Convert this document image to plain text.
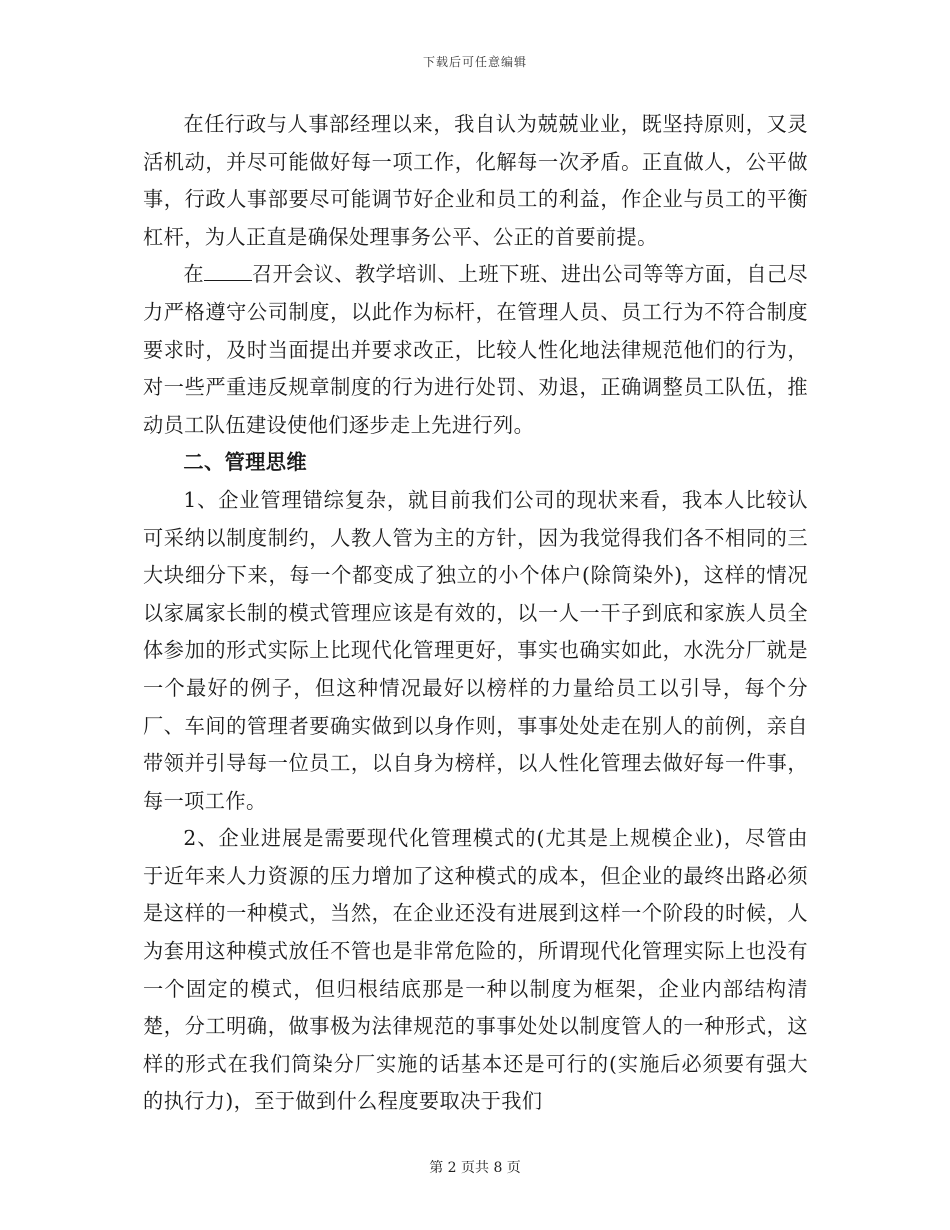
下载后可任意编辑

在任行政与人事部经理以来，我自认为兢兢业业，既坚持原则，又灵活机动，并尽可能做好每一项工作，化解每一次矛盾。正直做人，公平做事，行政人事部要尽可能调节好企业和员工的利益，作企业与员工的平衡杠杆，为人正直是确保处理事务公平、公正的首要前提。

在 召开会议、教学培训、上班下班、进出公司等等方面，自己尽力严格遵守公司制度，以此作为标杆，在管理人员、员工行为不符合制度要求时，及时当面提出并要求改正，比较人性化地法律规范他们的行为，对一些严重违反规章制度的行为进行处罚、劝退，正确调整员工队伍，推动员工队伍建设使他们逐步走上先进行列。

二、管理思维

1、企业管理错综复杂，就目前我们公司的现状来看，我本人比较认可采纳以制度制约，人教人管为主的方针，因为我觉得我们各不相同的三大块细分下来，每一个都变成了独立的小个体户(除筒染外)，这样的情况以家属家长制的模式管理应该是有效的，以一人一干子到底和家族人员全体参加的形式实际上比现代化管理更好，事实也确实如此，水洗分厂就是一个最好的例子，但这种情况最好以榜样的力量给员工以引导，每个分厂、车间的管理者要确实做到以身作则，事事处处走在别人的前例，亲自带领并引导每一位员工，以自身为榜样，以人性化管理去做好每一件事，每一项工作。

2、企业进展是需要现代化管理模式的(尤其是上规模企业)，尽管由于近年来人力资源的压力增加了这种模式的成本，但企业的最终出路必须是这样的一种模式，当然，在企业还没有进展到这样一个阶段的时候，人为套用这种模式放任不管也是非常危险的，所谓现代化管理实际上也没有一个固定的模式，但归根结底那是一种以制度为框架，企业内部结构清楚，分工明确，做事极为法律规范的事事处处以制度管人的一种形式，这样的形式在我们筒染分厂实施的话基本还是可行的(实施后必须要有强大的执行力)，至于做到什么程度要取决于我们

第 2 页共 8 页
